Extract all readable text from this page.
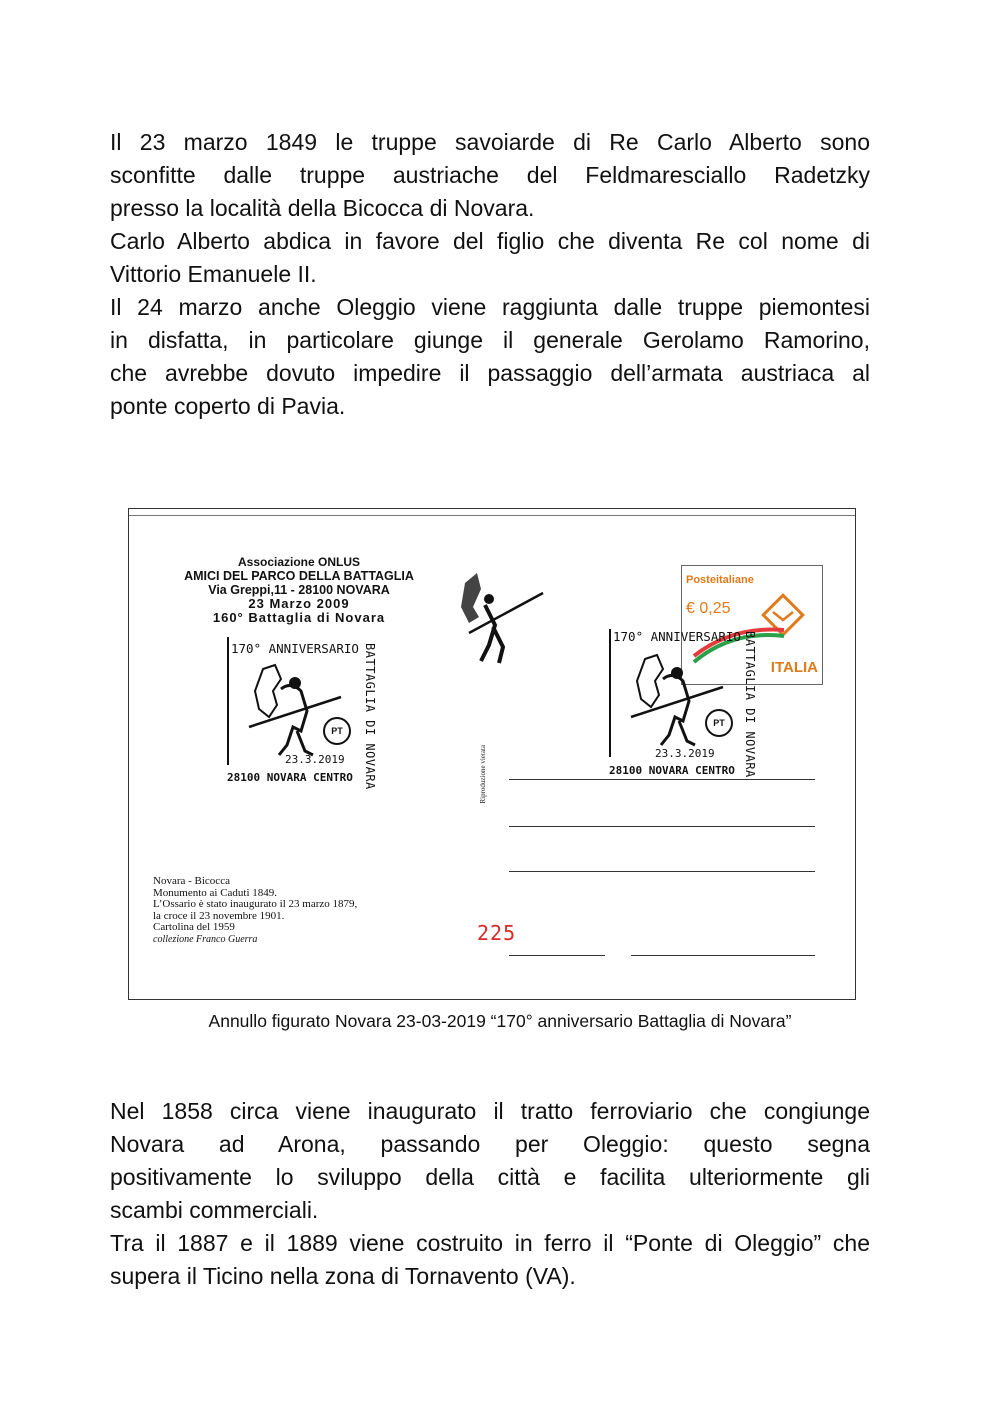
Il 23 marzo 1849 le truppe savoiarde di Re Carlo Alberto sono
sconfitte dalle truppe austriache del Feldmaresciallo Radetzky
presso la località della Bicocca di Novara.
Carlo Alberto abdica in favore del figlio che diventa Re col nome di
Vittorio Emanuele II.
Il 24 marzo anche Oleggio viene raggiunta dalle truppe piemontesi
in disfatta, in particolare giunge il generale Gerolamo Ramorino,
che avrebbe dovuto impedire il passaggio dell’armata austriaca al
ponte coperto di Pavia.
Associazione ONLUS
AMICI DEL PARCO DELLA BATTAGLIA
Via Greppi,11 - 28100 NOVARA
23 Marzo 2009
160° Battaglia di Novara
170° ANNIVERSARIO BATTAGLIA DI NOVARA
PT
23.3.2019
28100 NOVARA CENTRO
Posteitaliane
€ 0,25
ITALIA
170° ANNIVERSARIO BATTAGLIA DI NOVARA
PT
23.3.2019
28100 NOVARA CENTRO
Riproduzione vietata
Novara - Bicocca
Monumento ai Caduti 1849.
L’Ossario è stato inaugurato il 23 marzo 1879,
la croce il 23 novembre 1901.
Cartolina del 1959
collezione Franco Guerra	225
Annullo figurato Novara 23-03-2019 “170° anniversario Battaglia di Novara”
Nel 1858 circa viene inaugurato il tratto ferroviario che congiunge
Novara ad Arona, passando per Oleggio: questo segna
positivamente lo sviluppo della città e facilita ulteriormente gli
scambi commerciali.
Tra il 1887 e il 1889 viene costruito in ferro il “Ponte di Oleggio” che
supera il Ticino nella zona di Tornavento (VA).
